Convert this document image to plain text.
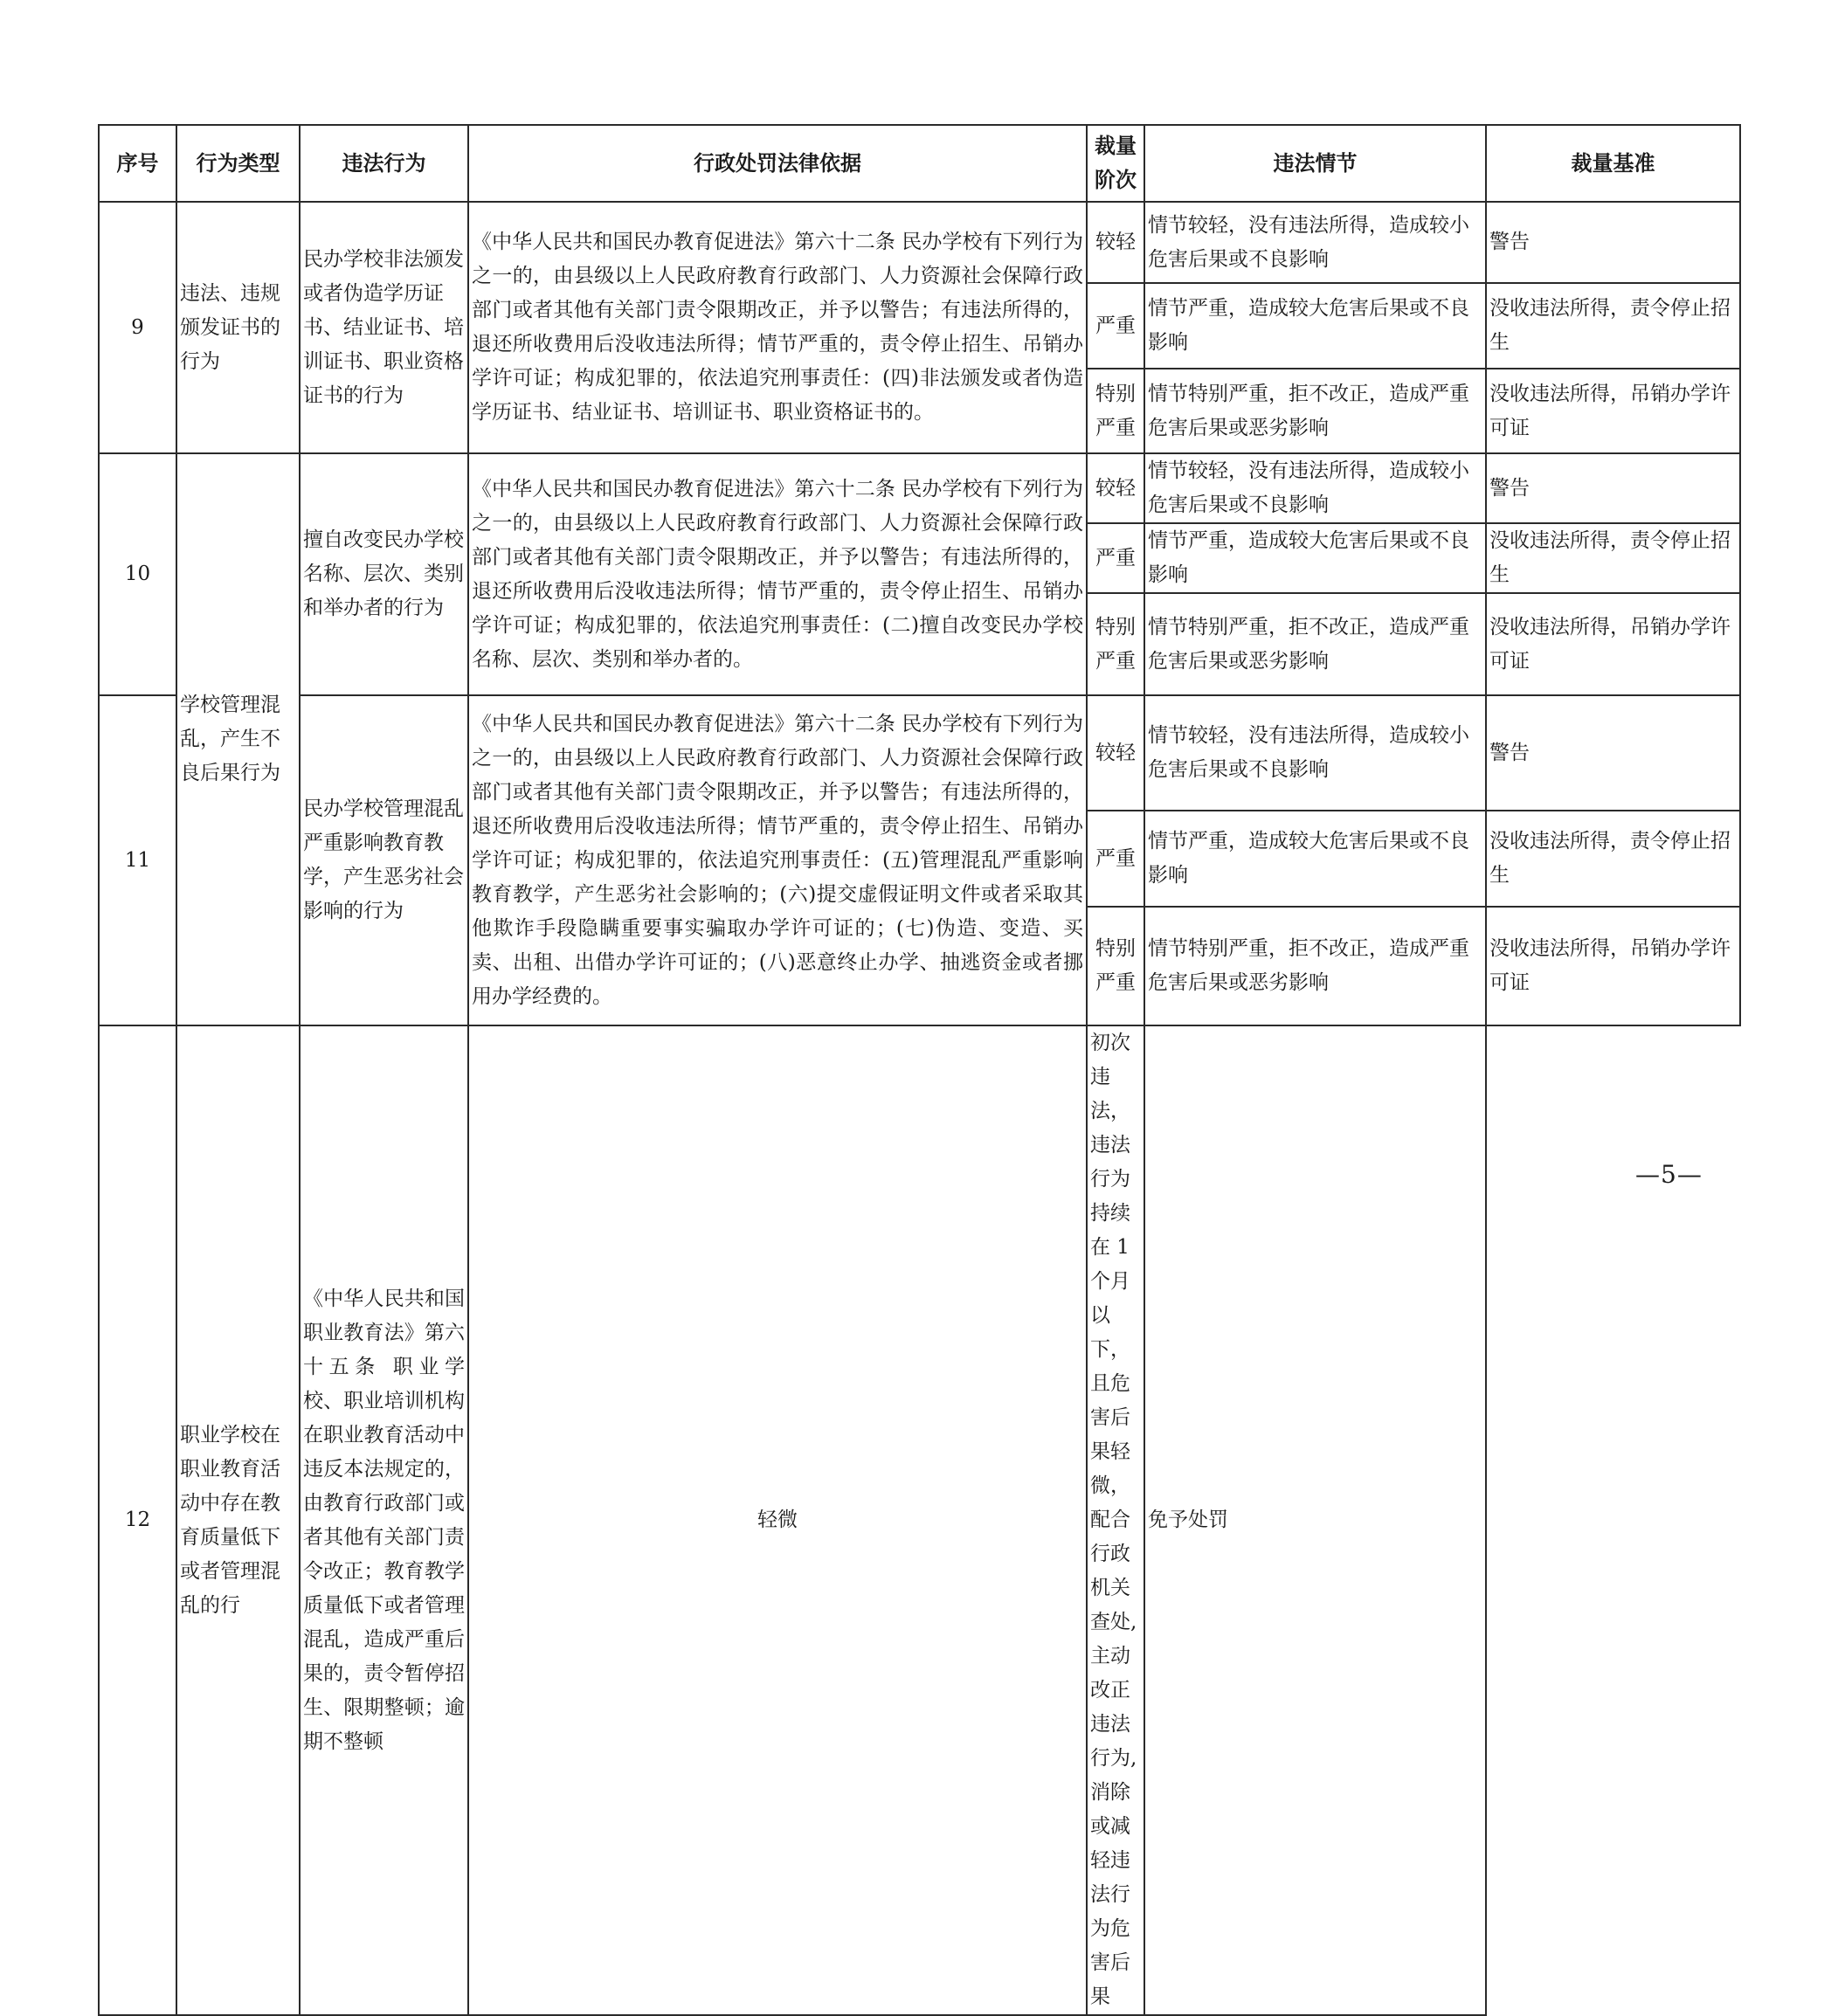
序号	行为类型	违法行为	行政处罚法律依据	裁量阶次	违法情节	裁量基准
9	违法、违规颁发证书的行为	民办学校非法颁发或者伪造学历证书、结业证书、培训证书、职业资格证书的行为	《中华人民共和国民办教育促进法》第六十二条 民办学校有下列行为之一的，由县级以上人民政府教育行政部门、人力资源社会保障行政部门或者其他有关部门责令限期改正，并予以警告；有违法所得的，退还所收费用后没收违法所得；情节严重的，责令停止招生、吊销办学许可证；构成犯罪的，依法追究刑事责任：(四)非法颁发或者伪造学历证书、结业证书、培训证书、职业资格证书的。	较轻	情节较轻，没有违法所得，造成较小危害后果或不良影响	警告
				严重	情节严重，造成较大危害后果或不良影响	没收违法所得，责令停止招生
				特别严重	情节特别严重，拒不改正，造成严重危害后果或恶劣影响	没收违法所得，吊销办学许可证
10	学校管理混乱，产生不良后果行为	擅自改变民办学校名称、层次、类别和举办者的行为	《中华人民共和国民办教育促进法》第六十二条 民办学校有下列行为之一的，由县级以上人民政府教育行政部门、人力资源社会保障行政部门或者其他有关部门责令限期改正，并予以警告；有违法所得的，退还所收费用后没收违法所得；情节严重的，责令停止招生、吊销办学许可证；构成犯罪的，依法追究刑事责任：(二)擅自改变民办学校名称、层次、类别和举办者的。	较轻	情节较轻，没有违法所得，造成较小危害后果或不良影响	警告
				严重	情节严重，造成较大危害后果或不良影响	没收违法所得，责令停止招生
				特别严重	情节特别严重，拒不改正，造成严重危害后果或恶劣影响	没收违法所得，吊销办学许可证
11		民办学校管理混乱严重影响教育教学，产生恶劣社会影响的行为	《中华人民共和国民办教育促进法》第六十二条 民办学校有下列行为之一的，由县级以上人民政府教育行政部门、人力资源社会保障行政部门或者其他有关部门责令限期改正，并予以警告；有违法所得的，退还所收费用后没收违法所得；情节严重的，责令停止招生、吊销办学许可证；构成犯罪的，依法追究刑事责任：(五)管理混乱严重影响教育教学，产生恶劣社会影响的；(六)提交虚假证明文件或者采取其他欺诈手段隐瞒重要事实骗取办学许可证的；(七)伪造、变造、买卖、出租、出借办学许可证的；(八)恶意终止办学、抽逃资金或者挪用办学经费的。	较轻	情节较轻，没有违法所得，造成较小危害后果或不良影响	警告
				严重	情节严重，造成较大危害后果或不良影响	没收违法所得，责令停止招生
				特别严重	情节特别严重，拒不改正，造成严重危害后果或恶劣影响	没收违法所得，吊销办学许可证
12	职业学校在职业教育活动中存在教育质量低下或者管理混乱的行	《中华人民共和国职业教育法》第六十五条 职业学校、职业培训机构在职业教育活动中违反本法规定的，由教育行政部门或者其他有关部门责令改正；教育教学质量低下或者管理混乱，造成严重后果的，责令暂停招生、限期整顿；逾期不整顿	轻微	初次违法，违法行为持续在 1 个月以下，且危害后果轻微，配合行政机关查处,主动改正违法行为,消除或减轻违法行为危害后果	免予处罚	
—5—
